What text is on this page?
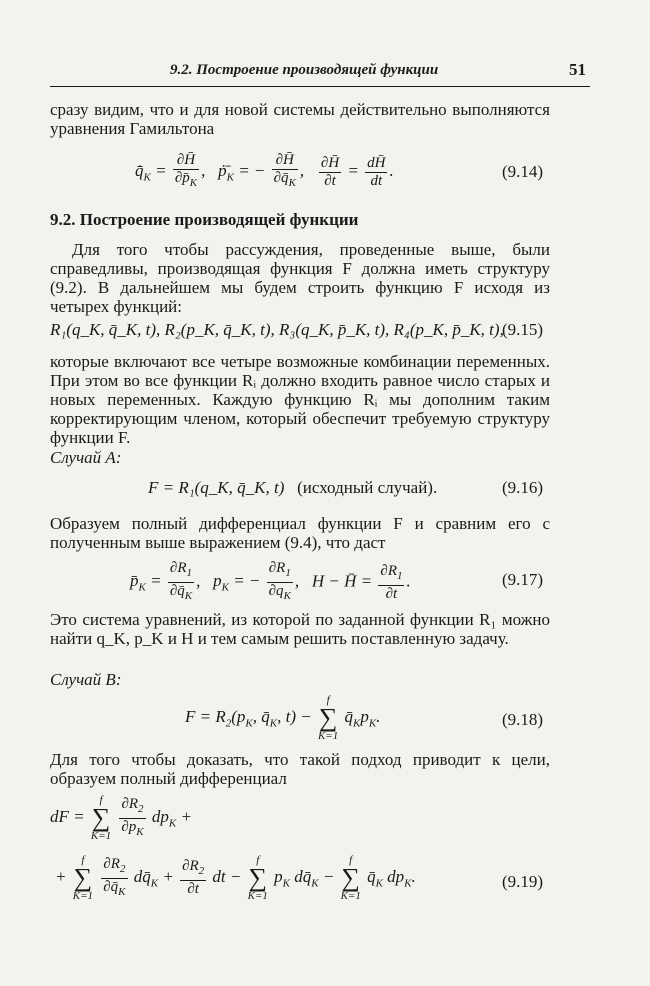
9.2. Построение производящей функции	51
сразу видим, что и для новой системы действительно выполняются уравнения Гамильтона
$q̇̄_K = \frac{\partial H̄}{\partial p̄_K}$ ,   $ṗ̄_K$ = − $\frac{\partial H̄}{\partial q̄_K}$ , $\frac{\partial H̄}{\partial t} = \frac{dH̄}{dt}$ .	(9.14)
9.2. Построение производящей функции
Для того чтобы рассуждения, проведенные выше, были справедливы, производящая функция F должна иметь структуру (9.2). В дальнейшем мы будем строить функцию F исходя из четырех функций:
R₁(q_K, q̄_K, t), R₂(p_K, q̄_K, t), R₃(q_K, p̄_K, t), R₄(p_K, p̄_K, t),
(9.15)
которые включают все четыре возможные комбинации переменных. При этом во все функции Rᵢ должно входить равное число старых и новых переменных. Каждую функцию Rᵢ мы дополним таким корректирующим членом, который обеспечит требуемую структуру функции F.
Случай A:
F = R₁(q_K, q̄_K, t) (исходный случай).	(9.16)
Образуем полный дифференциал функции F и сравним его с полученным выше выражением (9.4), что даст
$p̄_K = \frac{\partial R_1}{\partial q̄_K}$ ,   $p_K$ = − $\frac{\partial R_1}{\partial q_K}$ ,   H − H̄ = $\frac{\partial R_1}{\partial t}$ .	(9.17)
Это система уравнений, из которой по заданной функции R₁ можно найти q_K, p_K и H и тем самым решить поставленную задачу.
Случай B:
$F = R_2(p_K$, $q̄_K$, t) −
f
∑
K=1
$q̄_Kp_K$.	(9.18)
Для того чтобы доказать, что такой подход приводит к цели, образуем полный дифференциал
dF =
f
∑
K=1
$\frac{\partial R_2}{\partial p_K} dp_K$ +
+
f
∑
K=1
$\frac{\partial R_2}{\partial q̄_K}$ $dq̄_K + \frac{\partial R_2}{\partial t}$ dt −
f
∑
K=1
$p_K$ $dq̄_K$ −
f
∑
K=1
$q̄_K$ $dp_K$.	(9.19)
